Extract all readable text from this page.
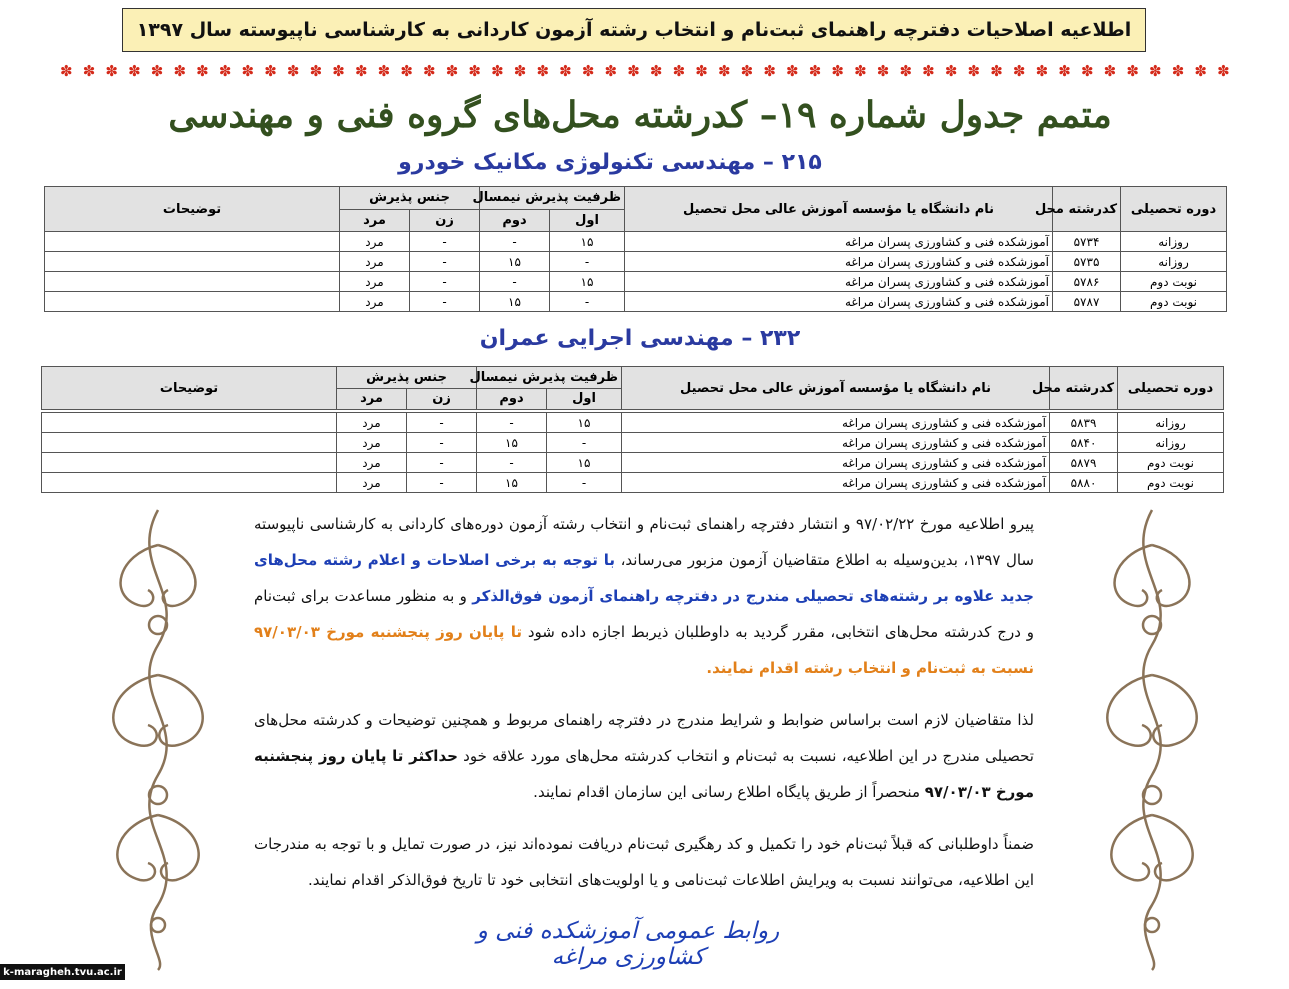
اطلاعیه اصلاحیات دفترچه راهنمای ثبت‌نام و انتخاب رشته آزمون کاردانی به کارشناسی ناپیوسته سال ۱۳۹۷
✽ ✽ ✽ ✽ ✽ ✽ ✽ ✽ ✽ ✽ ✽ ✽ ✽ ✽ ✽ ✽ ✽ ✽ ✽ ✽ ✽ ✽ ✽ ✽ ✽ ✽ ✽ ✽ ✽ ✽ ✽ ✽ ✽ ✽ ✽ ✽ ✽ ✽ ✽ ✽ ✽ ✽ ✽ ✽ ✽ ✽ ✽ ✽ ✽ ✽ ✽ ✽
متمم جدول شماره ۱۹– کدرشته محل‌های گروه فنی و مهندسی
۲۱۵ – مهندسی تکنولوژی مکانیک خودرو
دوره تحصیلی	کدرشته محل	نام دانشگاه یا مؤسسه آموزش عالی محل تحصیل	ظرفیت پذیرش نیمسال		جنس پذیرش		توضیحات
			اول	دوم	زن	مرد	
روزانه	۵۷۳۴	آموزشکده فنی و کشاورزی پسران مراغه	۱۵	-	-	مرد	
روزانه	۵۷۳۵	آموزشکده فنی و کشاورزی پسران مراغه	-	۱۵	-	مرد	
نوبت دوم	۵۷۸۶	آموزشکده فنی و کشاورزی پسران مراغه	۱۵	-	-	مرد	
نوبت دوم	۵۷۸۷	آموزشکده فنی و کشاورزی پسران مراغه	-	۱۵	-	مرد	
۲۳۲ – مهندسی اجرایی عمران
دوره تحصیلی	کدرشته محل	نام دانشگاه یا مؤسسه آموزش عالی محل تحصیل	ظرفیت پذیرش نیمسال		جنس پذیرش		توضیحات
			اول	دوم	زن	مرد	
روزانه	۵۸۳۹	آموزشکده فنی و کشاورزی پسران مراغه	۱۵	-	-	مرد	
روزانه	۵۸۴۰	آموزشکده فنی و کشاورزی پسران مراغه	-	۱۵	-	مرد	
نوبت دوم	۵۸۷۹	آموزشکده فنی و کشاورزی پسران مراغه	۱۵	-	-	مرد	
نوبت دوم	۵۸۸۰	آموزشکده فنی و کشاورزی پسران مراغه	-	۱۵	-	مرد	

پیرو اطلاعیه مورخ ۹۷/۰۲/۲۲ و انتشار دفترچه راهنمای ثبت‌نام و انتخاب رشته آزمون دوره‌های کاردانی به کارشناسی ناپیوسته سال ۱۳۹۷، بدین‌وسیله به اطلاع متقاضیان آزمون مزبور می‌رساند، با توجه به برخی اصلاحات و اعلام رشته محل‌های جدید علاوه بر رشته‌های تحصیلی مندرج در دفترچه راهنمای آزمون فوق‌الذکر و به منظور مساعدت برای ثبت‌نام و درج کدرشته محل‌های انتخابی، مقرر گردید به داوطلبان ذیربط اجازه داده شود تا پایان روز پنجشنبه مورخ ۹۷/۰۳/۰۳ نسبت به ثبت‌نام و انتخاب رشته اقدام نمایند.

لذا متقاضیان لازم است براساس ضوابط و شرایط مندرج در دفترچه راهنمای مربوط و همچنین توضیحات و کدرشته محل‌های تحصیلی مندرج در این اطلاعیه، نسبت به ثبت‌نام و انتخاب کدرشته محل‌های مورد علاقه خود حداکثر تا پایان روز پنجشنبه مورخ ۹۷/۰۳/۰۳ منحصراً از طریق پایگاه اطلاع رسانی این سازمان اقدام نمایند.

ضمناً داوطلبانی که قبلاً ثبت‌نام خود را تکمیل و کد رهگیری ثبت‌نام دریافت نموده‌اند نیز، در صورت تمایل و با توجه به مندرجات این اطلاعیه، می‌توانند نسبت به ویرایش اطلاعات ثبت‌نامی و یا اولویت‌های انتخابی خود تا تاریخ فوق‌الذکر اقدام نمایند.

روابط عمومی آموزشکده فنی و کشاورزی مراغه
k-maragheh.tvu.ac.ir
